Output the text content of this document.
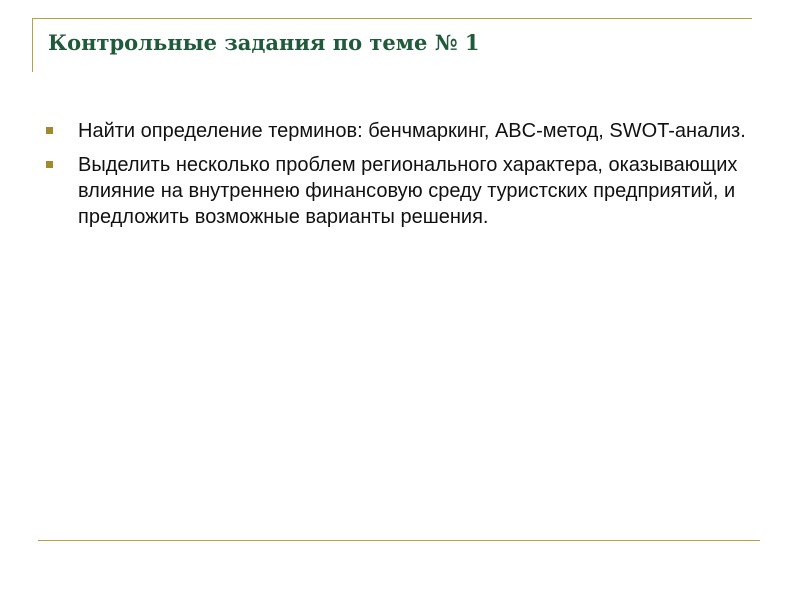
Контрольные задания по теме № 1
Найти определение терминов: бенчмаркинг, ABC-метод, SWOT-анализ.
Выделить несколько проблем регионального характера, оказывающих влияние на внутреннею финансовую среду туристских предприятий, и предложить возможные варианты решения.
